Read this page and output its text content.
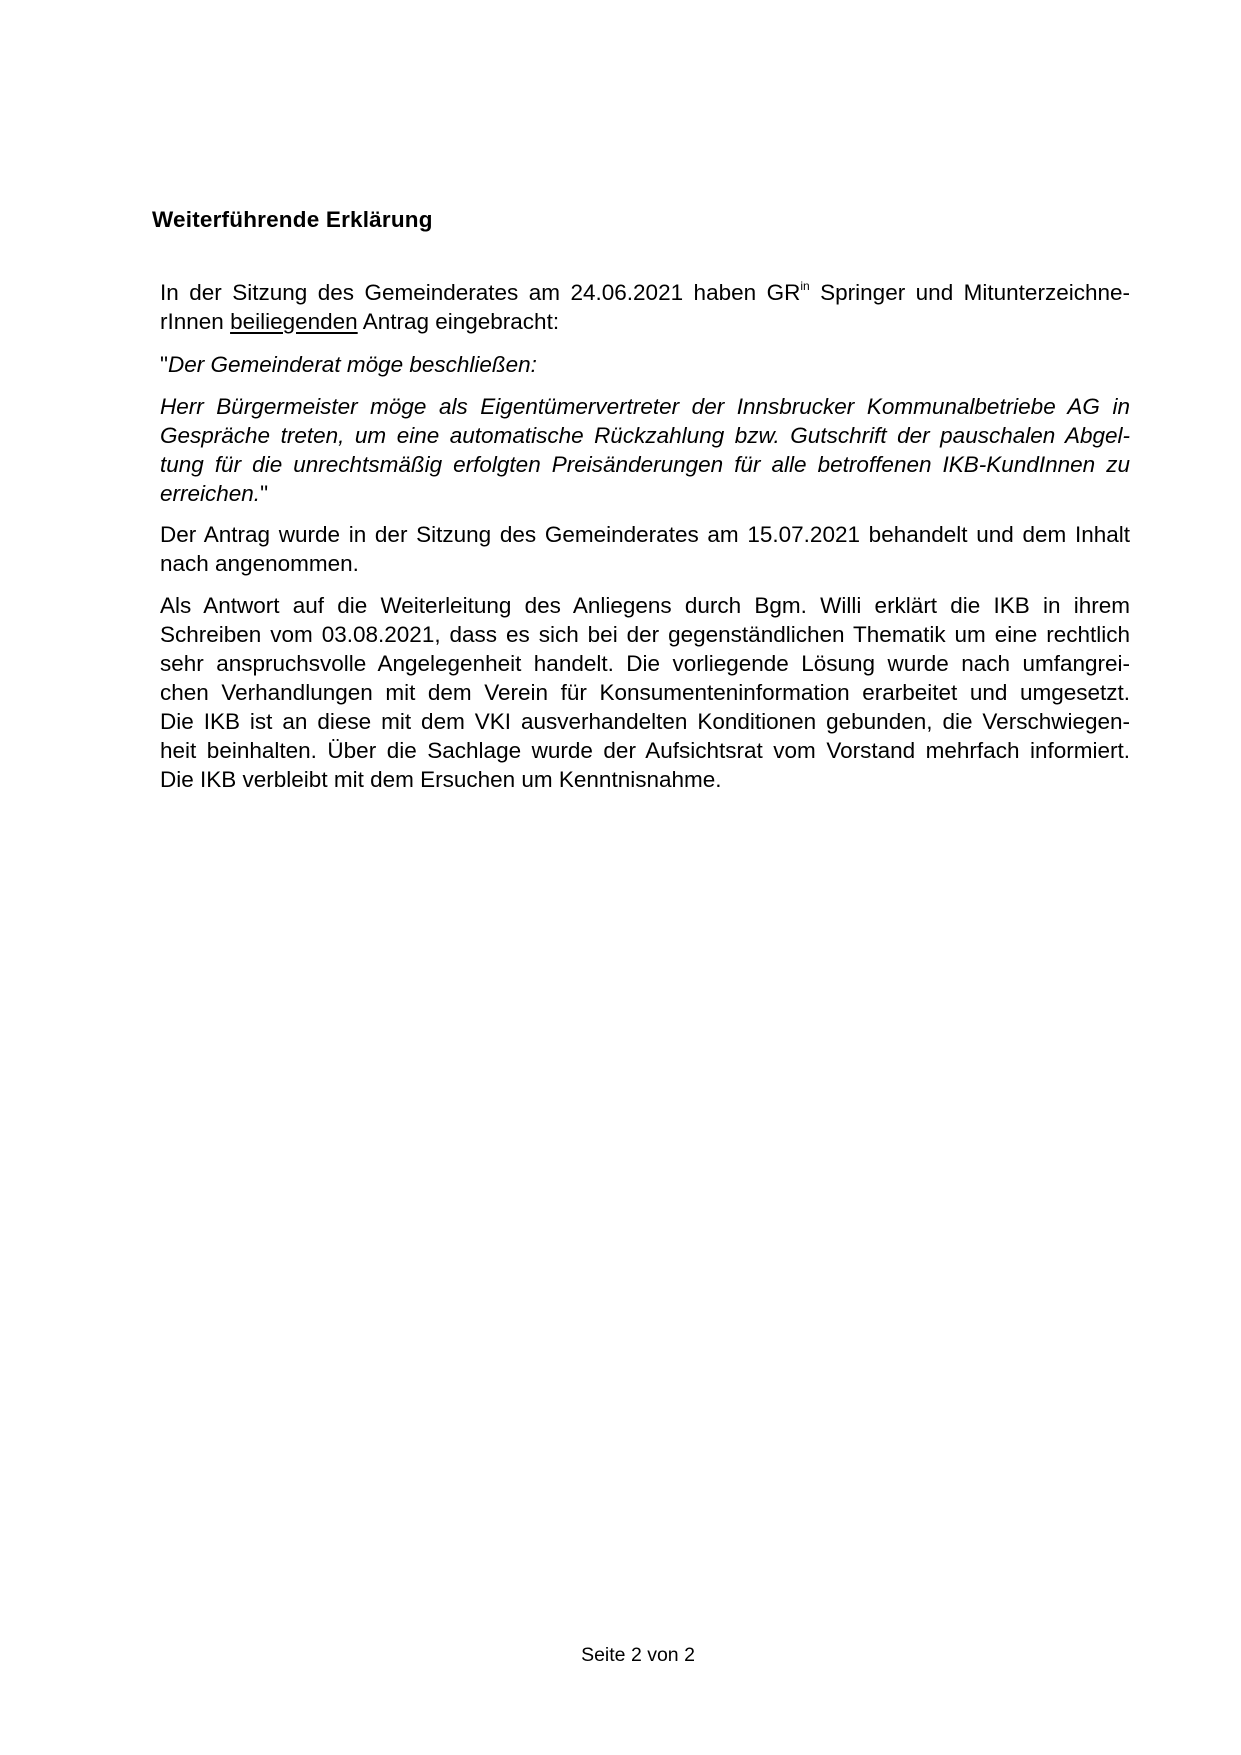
Weiterführende Erklärung

In der Sitzung des Gemeinderates am 24.06.2021 haben $GR^{in}$ Springer und Mitunterzeichne-
rInnen beiliegenden Antrag eingebracht:

"Der Gemeinderat möge beschließen:

Herr Bürgermeister möge als Eigentümervertreter der Innsbrucker Kommunalbetriebe AG in
Gespräche treten, um eine automatische Rückzahlung bzw. Gutschrift der pauschalen Abgel-
tung für die unrechtsmäßig erfolgten Preisänderungen für alle betroffenen IKB-KundInnen zu
erreichen."

Der Antrag wurde in der Sitzung des Gemeinderates am 15.07.2021 behandelt und dem Inhalt
nach angenommen.

Als Antwort auf die Weiterleitung des Anliegens durch Bgm. Willi erklärt die IKB in ihrem
Schreiben vom 03.08.2021, dass es sich bei der gegenständlichen Thematik um eine rechtlich
sehr anspruchsvolle Angelegenheit handelt. Die vorliegende Lösung wurde nach umfangrei-
chen Verhandlungen mit dem Verein für Konsumenteninformation erarbeitet und umgesetzt.
Die IKB ist an diese mit dem VKI ausverhandelten Konditionen gebunden, die Verschwiegen-
heit beinhalten. Über die Sachlage wurde der Aufsichtsrat vom Vorstand mehrfach informiert.
Die IKB verbleibt mit dem Ersuchen um Kenntnisnahme.

Seite 2 von 2
